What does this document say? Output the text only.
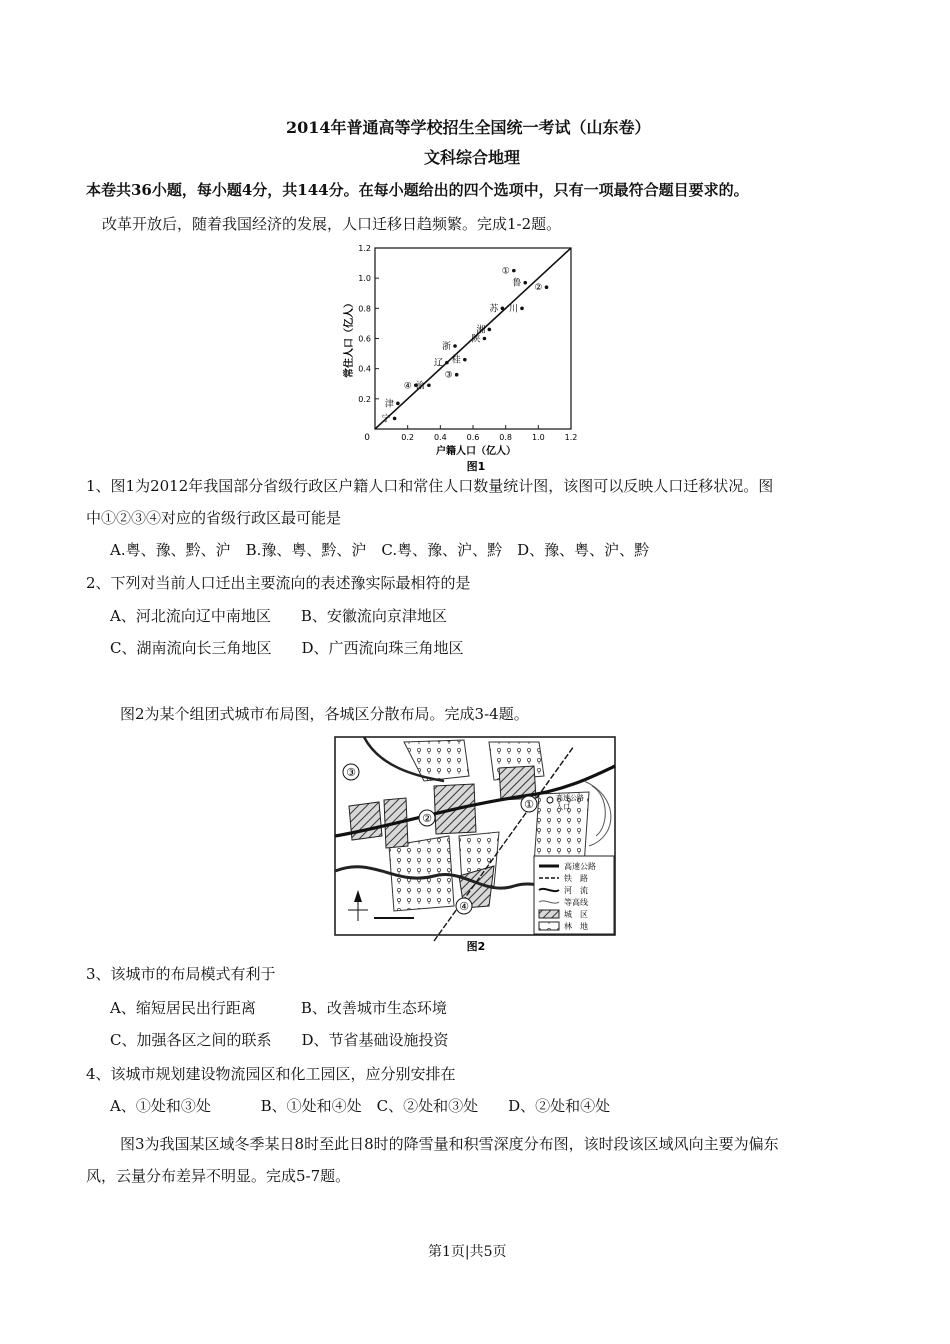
2014年普通高等学校招生全国统一考试（山东卷）
文科综合地理
本卷共36小题，每小题4分，共144分。在每小题给出的四个选项中，只有一项最符合题目要求的。
改革开放后，随着我国经济的发展，人口迁移日趋频繁。完成1-2题。
0.2
0.4
0.6
0.8
1.0
1.2
0.2 0.4 0.6 0.8 1.0 1.2
①
鲁 ②
苏 川
湘
陕
浙
辽 桂
③
④ 渝
津
宁
0
户籍人口（亿人）
图1
常住人口（亿人）
1、图1为2012年我国部分省级行政区户籍人口和常住人口数量统计图，该图可以反映人口迁移状况。图
中①②③④对应的省级行政区最可能是
A.粤、豫、黔、沪　B.豫、粤、黔、沪　C.粤、豫、沪、黔　D、豫、粤、沪、黔
2、下列对当前人口迁出主要流向的表述豫实际最相符的是
A、河北流向辽中南地区　　B、安徽流向京津地区
C、湖南流向长三角地区　　D、广西流向珠三角地区
图2为某个组团式城市布局图，各城区分散布局。完成3-4题。
①
②
③
④
高速公路
入口
高速公路
铁　路
河　流
等高线
城　区
林　地
图2
3、该城市的布局模式有利于
A、缩短居民出行距离　　　B、改善城市生态环境
C、加强各区之间的联系　　D、节省基础设施投资
4、该城市规划建设物流园区和化工园区，应分别安排在
A、①处和③处　　　 B、①处和④处　C、②处和③处　　D、②处和④处
图3为我国某区域冬季某日8时至此日8时的降雪量和积雪深度分布图，该时段该区域风向主要为偏东
风，云量分布差异不明显。完成5-7题。
第1页|共5页
